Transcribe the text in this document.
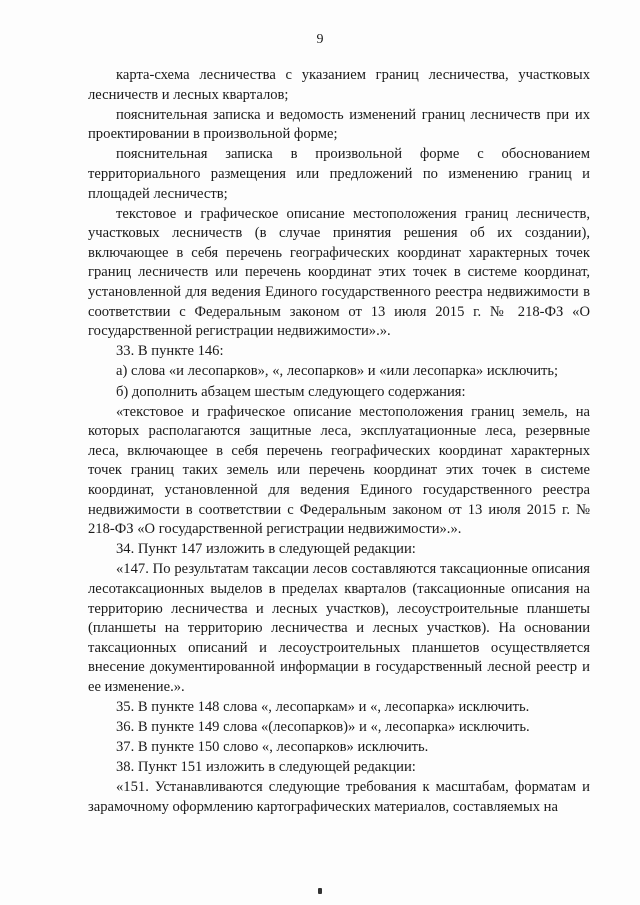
9

карта-схема лесничества с указанием границ лесничества, участковых лесничеств и лесных кварталов;

пояснительная записка и ведомость изменений границ лесничеств при их проектировании в произвольной форме;

пояснительная записка в произвольной форме с обоснованием территориального размещения или предложений по изменению границ и площадей лесничеств;

текстовое и графическое описание местоположения границ лесничеств, участковых лесничеств (в случае принятия решения об их создании), включающее в себя перечень географических координат характерных точек границ лесничеств или перечень координат этих точек в системе координат, установленной для ведения Единого государственного реестра недвижимости в соответствии с Федеральным законом от 13 июля 2015 г. № 218-ФЗ «О государственной регистрации недвижимости».».

33. В пункте 146:

а) слова «и лесопарков», «, лесопарков» и «или лесопарка» исключить;

б) дополнить абзацем шестым следующего содержания:

«текстовое и графическое описание местоположения границ земель, на которых располагаются защитные леса, эксплуатационные леса, резервные леса, включающее в себя перечень географических координат характерных точек границ таких земель или перечень координат этих точек в системе координат, установленной для ведения Единого государственного реестра недвижимости в соответствии с Федеральным законом от 13 июля 2015 г. № 218-ФЗ «О государственной регистрации недвижимости».».

34. Пункт 147 изложить в следующей редакции:

«147. По результатам таксации лесов составляются таксационные описания лесотаксационных выделов в пределах кварталов (таксационные описания на территорию лесничества и лесных участков), лесоустроительные планшеты (планшеты на территорию лесничества и лесных участков). На основании таксационных описаний и лесоустроительных планшетов осуществляется внесение документированной информации в государственный лесной реестр и ее изменение.».

35. В пункте 148 слова «, лесопаркам» и «, лесопарка» исключить.

36. В пункте 149 слова «(лесопарков)» и «, лесопарка» исключить.

37. В пункте 150 слово «, лесопарков» исключить.

38. Пункт 151 изложить в следующей редакции:

«151. Устанавливаются следующие требования к масштабам, форматам и зарамочному оформлению картографических материалов, составляемых на
